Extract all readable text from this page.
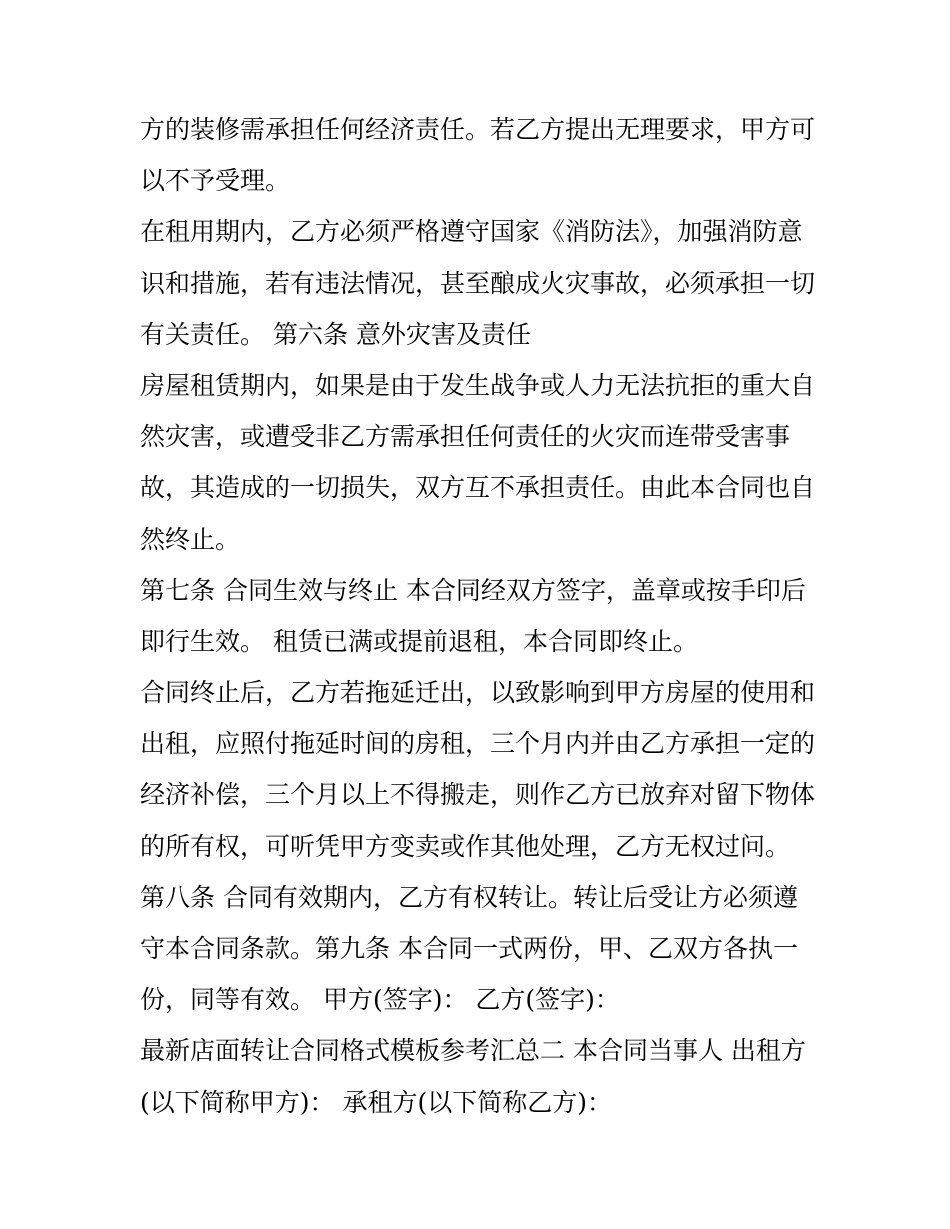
方的装修需承担任何经济责任。若乙方提出无理要求，甲方可
以不予受理。
在租用期内，乙方必须严格遵守国家《消防法》，加强消防意
识和措施，若有违法情况，甚至酿成火灾事故，必须承担一切
有关责任。 第六条 意外灾害及责任
房屋租赁期内，如果是由于发生战争或人力无法抗拒的重大自
然灾害，或遭受非乙方需承担任何责任的火灾而连带受害事
故，其造成的一切损失，双方互不承担责任。由此本合同也自
然终止。
第七条 合同生效与终止 本合同经双方签字，盖章或按手印后
即行生效。 租赁已满或提前退租，本合同即终止。
合同终止后，乙方若拖延迁出，以致影响到甲方房屋的使用和
出租，应照付拖延时间的房租，三个月内并由乙方承担一定的
经济补偿，三个月以上不得搬走，则作乙方已放弃对留下物体
的所有权，可听凭甲方变卖或作其他处理，乙方无权过问。
第八条 合同有效期内，乙方有权转让。转让后受让方必须遵
守本合同条款。第九条 本合同一式两份，甲、乙双方各执一
份，同等有效。 甲方(签字)： 乙方(签字)：
最新店面转让合同格式模板参考汇总二 本合同当事人 出租方
(以下简称甲方)： 承租方(以下简称乙方)：
